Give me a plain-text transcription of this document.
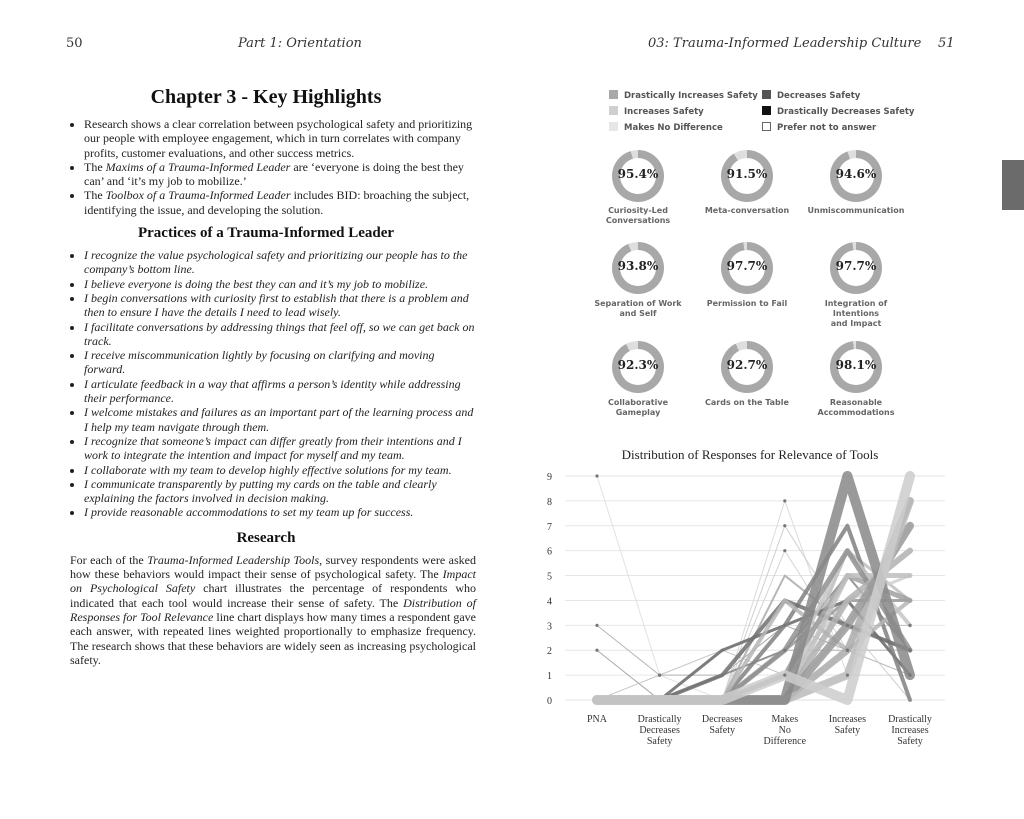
50	Part 1: Orientation	03: Trauma-Informed Leadership Culture 51
Chapter 3 - Key Highlights
• Research shows a clear correlation between psychological safety and prioritizing our people with employee engagement, which in turn correlates with company profits, customer evaluations, and other success metrics.
• The Maxims of a Trauma-Informed Leader are ‘everyone is doing the best they can’ and ‘it’s my job to mobilize.’
• The Toolbox of a Trauma-Informed Leader includes BID: broaching the subject, identifying the issue, and developing the solution.
Practices of a Trauma-Informed Leader
• I recognize the value psychological safety and prioritizing our people has to the company’s bottom line.
• I believe everyone is doing the best they can and it’s my job to mobilize.
• I begin conversations with curiosity first to establish that there is a problem and then to ensure I have the details I need to lead wisely.
• I facilitate conversations by addressing things that feel off, so we can get back on track.
• I receive miscommunication lightly by focusing on clarifying and moving forward.
• I articulate feedback in a way that affirms a person’s identity while addressing their performance.
• I welcome mistakes and failures as an important part of the learning process and I help my team navigate through them.
• I recognize that someone’s impact can differ greatly from their intentions and I work to integrate the intention and impact for myself and my team.
• I collaborate with my team to develop highly effective solutions for my team.
• I communicate transparently by putting my cards on the table and clearly explaining the factors involved in decision making.
• I provide reasonable accommodations to set my team up for success.
Research

For each of the Trauma-Informed Leadership Tools, survey respondents were asked how these behaviors would impact their sense of psychological safety. The Impact on Psychological Safety chart illustrates the percentage of respondents who indicated that each tool would increase their sense of safety. The Distribution of Responses for Tool Relevance line chart displays how many times a respondent gave each answer, with repeated lines weighted proportionally to emphasize frequency. The research shows that these behaviors are widely seen as increasing psychological safety.

Drastically Increases Safety
Increases Safety
Makes No Difference
Decreases Safety
Drastically Decreases Safety
Prefer not to answer
95.4%
Curiosity-Led
Conversations
91.5%
Meta-conversation
94.6%
Unmiscommunication
93.8%
Separation of Work
and Self
97.7%
Permission to Fail
97.7%
Integration of Intentions
and Impact
92.3%
Collaborative
Gameplay
92.7%
Cards on the Table
98.1%
Reasonable
Accommodations
Distribution of Responses for Relevance of Tools
0
1
2
3
4
5
6
7
8
9
PNA	Drastically
Decreases
Safety
Decreases
Safety
Makes
No
Difference
Increases
Safety
Drastically
Increases
Safety
